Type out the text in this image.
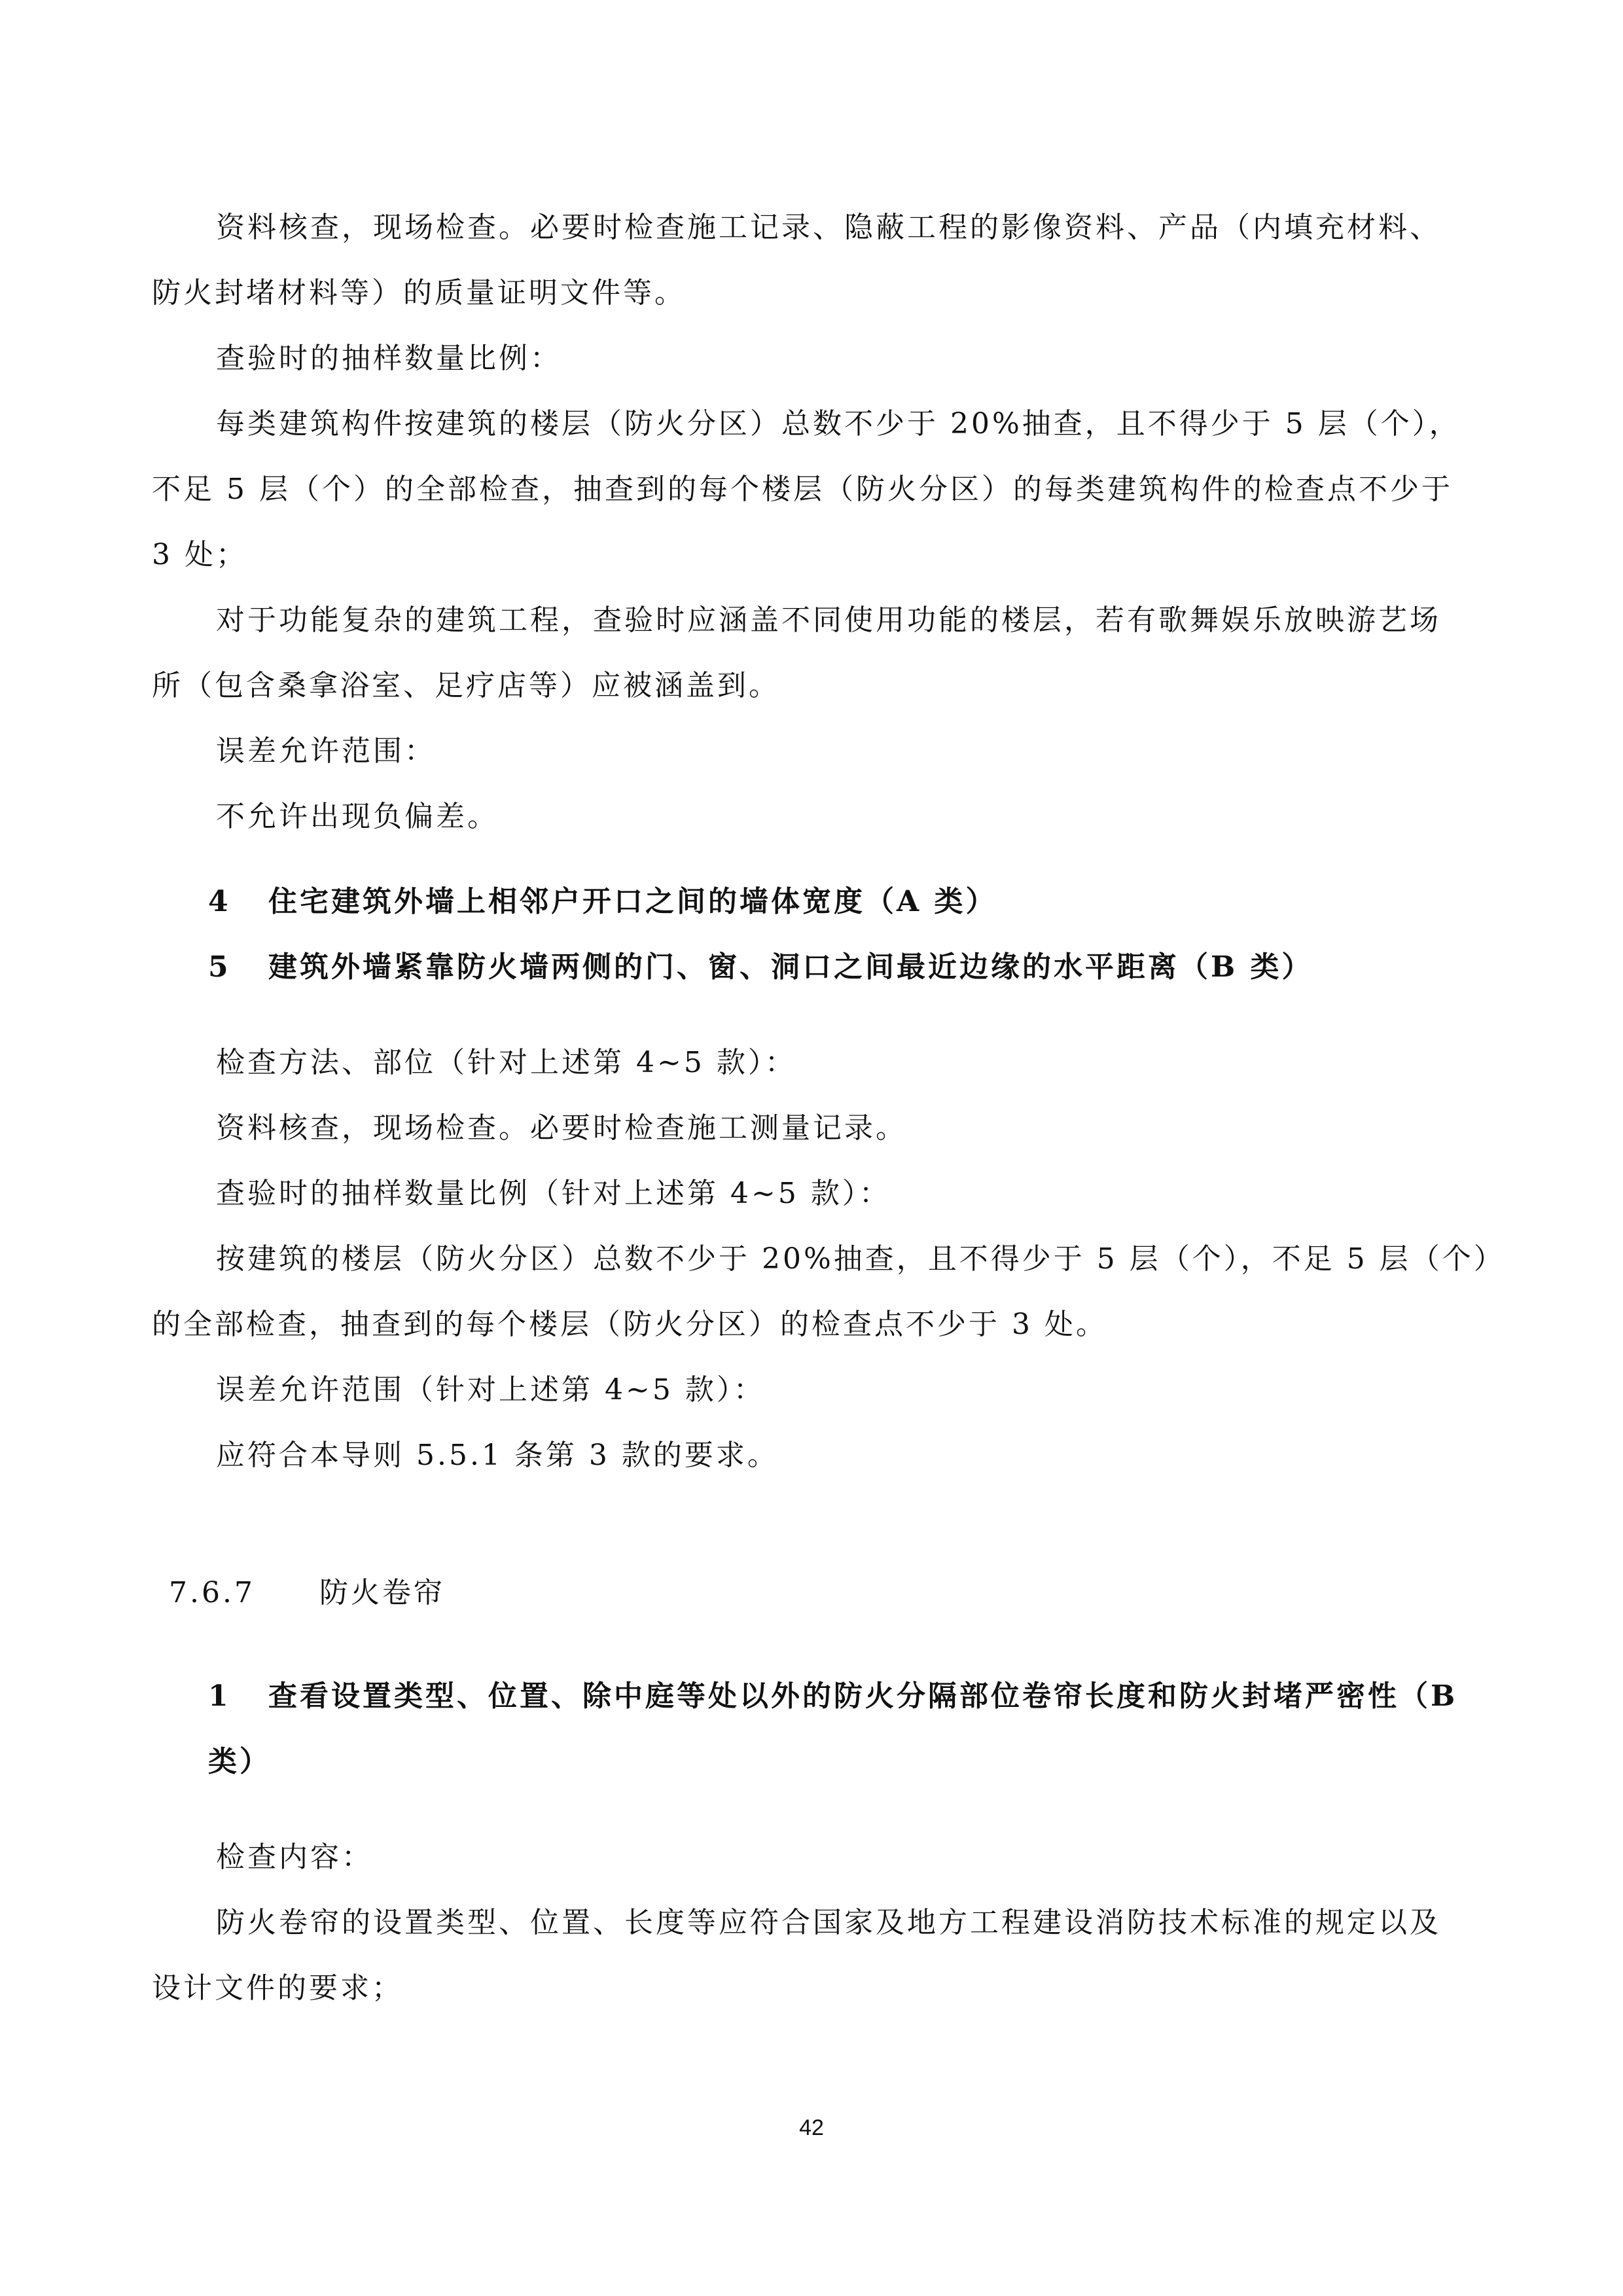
资料核查，现场检查。必要时检查施工记录、隐蔽工程的影像资料、产品（内填充材料、
防火封堵材料等）的质量证明文件等。
查验时的抽样数量比例：
每类建筑构件按建筑的楼层（防火分区）总数不少于 20%抽查，且不得少于 5 层（个），
不足 5 层（个）的全部检查，抽查到的每个楼层（防火分区）的每类建筑构件的检查点不少于
3 处；
对于功能复杂的建筑工程，查验时应涵盖不同使用功能的楼层，若有歌舞娱乐放映游艺场
所（包含桑拿浴室、足疗店等）应被涵盖到。
误差允许范围：
不允许出现负偏差。
4 住宅建筑外墙上相邻户开口之间的墙体宽度（A 类）
5 建筑外墙紧靠防火墙两侧的门、窗、洞口之间最近边缘的水平距离（B 类）
检查方法、部位（针对上述第 4~5 款）：
资料核查，现场检查。必要时检查施工测量记录。
查验时的抽样数量比例（针对上述第 4~5 款）：
按建筑的楼层（防火分区）总数不少于 20%抽查，且不得少于 5 层（个），不足 5 层（个）
的全部检查，抽查到的每个楼层（防火分区）的检查点不少于 3 处。
误差允许范围（针对上述第 4~5 款）：
应符合本导则 5.5.1 条第 3 款的要求。
7.6.7 防火卷帘
1 查看设置类型、位置、除中庭等处以外的防火分隔部位卷帘长度和防火封堵严密性（B
类）
检查内容：
防火卷帘的设置类型、位置、长度等应符合国家及地方工程建设消防技术标准的规定以及
设计文件的要求；
42
